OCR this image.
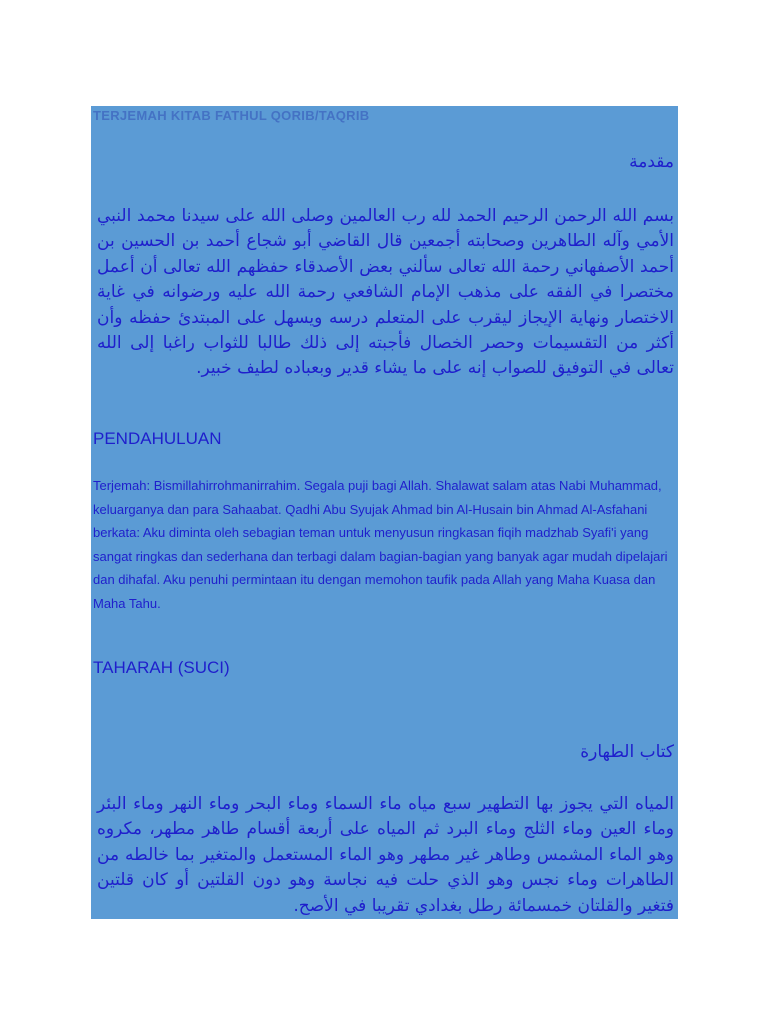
TERJEMAH KITAB FATHUL QORIB/TAQRIB
مقدمة
بسم الله الرحمن الرحيم الحمد لله رب العالمين وصلى الله على سيدنا محمد النبي الأمي وآله الطاهرين وصحابته أجمعين قال القاضي أبو شجاع أحمد بن الحسين بن أحمد الأصفهاني رحمة الله تعالى سألني بعض الأصدقاء حفظهم الله تعالى أن أعمل مختصرا في الفقه على مذهب الإمام الشافعي رحمة الله عليه ورضوانه في غاية الاختصار ونهاية الإيجاز ليقرب على المتعلم درسه ويسهل على المبتدئ حفظه وأن أكثر من التقسيمات وحصر الخصال فأجبته إلى ذلك طالبا للثواب راغبا إلى الله تعالى في التوفيق للصواب إنه على ما يشاء قدير وبعباده لطيف خبير.
PENDAHULUAN
Terjemah: Bismillahirrohmanirrahim. Segala puji bagi Allah. Shalawat salam atas Nabi Muhammad, keluarganya dan para Sahaabat. Qadhi Abu Syujak Ahmad bin Al-Husain bin Ahmad Al-Asfahani berkata: Aku diminta oleh sebagian teman untuk menyusun ringkasan fiqih madzhab Syafi'i yang sangat ringkas dan sederhana dan terbagi dalam bagian-bagian yang banyak agar mudah dipelajari dan dihafal. Aku penuhi permintaan itu dengan memohon taufik pada Allah yang Maha Kuasa dan Maha Tahu.
TAHARAH (SUCI)
كتاب الطهارة
المياه التي يجوز بها التطهير سبع مياه ماء السماء وماء البحر وماء النهر وماء البئر وماء العين وماء الثلج وماء البرد ثم المياه على أربعة أقسام طاهر مطهر، مكروه وهو الماء المشمس وطاهر غير مطهر وهو الماء المستعمل والمتغير بما خالطه من الطاهرات وماء نجس وهو الذي حلت فيه نجاسة وهو دون القلتين أو كان قلتين فتغير والقلتان خمسمائة رطل بغدادي تقريبا في الأصح.
